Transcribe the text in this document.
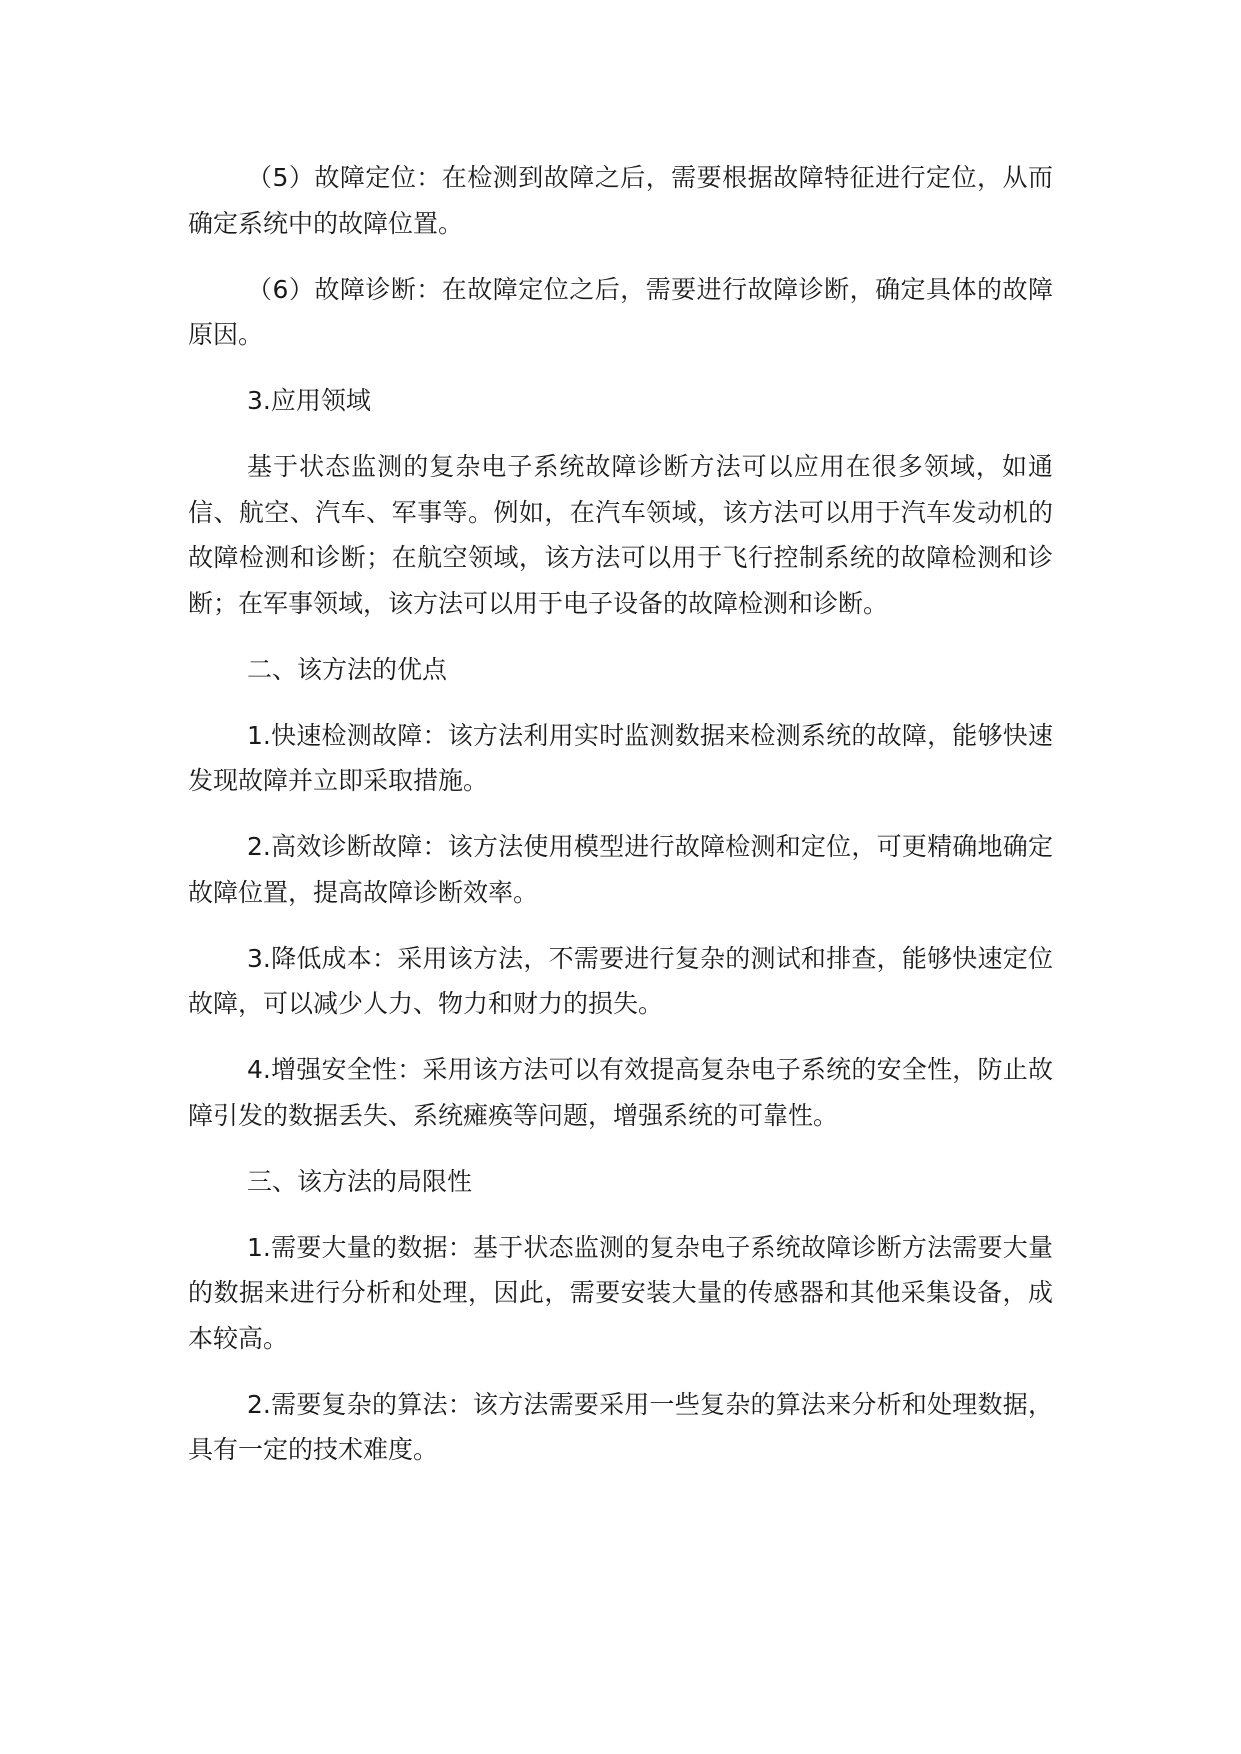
（5）故障定位：在检测到故障之后，需要根据故障特征进行定位，从而确定系统中的故障位置。

（6）故障诊断：在故障定位之后，需要进行故障诊断，确定具体的故障原因。

3.应用领域

基于状态监测的复杂电子系统故障诊断方法可以应用在很多领域，如通信、航空、汽车、军事等。例如，在汽车领域，该方法可以用于汽车发动机的故障检测和诊断；在航空领域，该方法可以用于飞行控制系统的故障检测和诊断；在军事领域，该方法可以用于电子设备的故障检测和诊断。

二、该方法的优点

1.快速检测故障：该方法利用实时监测数据来检测系统的故障，能够快速发现故障并立即采取措施。

2.高效诊断故障：该方法使用模型进行故障检测和定位，可更精确地确定故障位置，提高故障诊断效率。

3.降低成本：采用该方法，不需要进行复杂的测试和排查，能够快速定位故障，可以减少人力、物力和财力的损失。

4.增强安全性：采用该方法可以有效提高复杂电子系统的安全性，防止故障引发的数据丢失、系统瘫痪等问题，增强系统的可靠性。

三、该方法的局限性

1.需要大量的数据：基于状态监测的复杂电子系统故障诊断方法需要大量的数据来进行分析和处理，因此，需要安装大量的传感器和其他采集设备，成本较高。

2.需要复杂的算法：该方法需要采用一些复杂的算法来分析和处理数据，具有一定的技术难度。
